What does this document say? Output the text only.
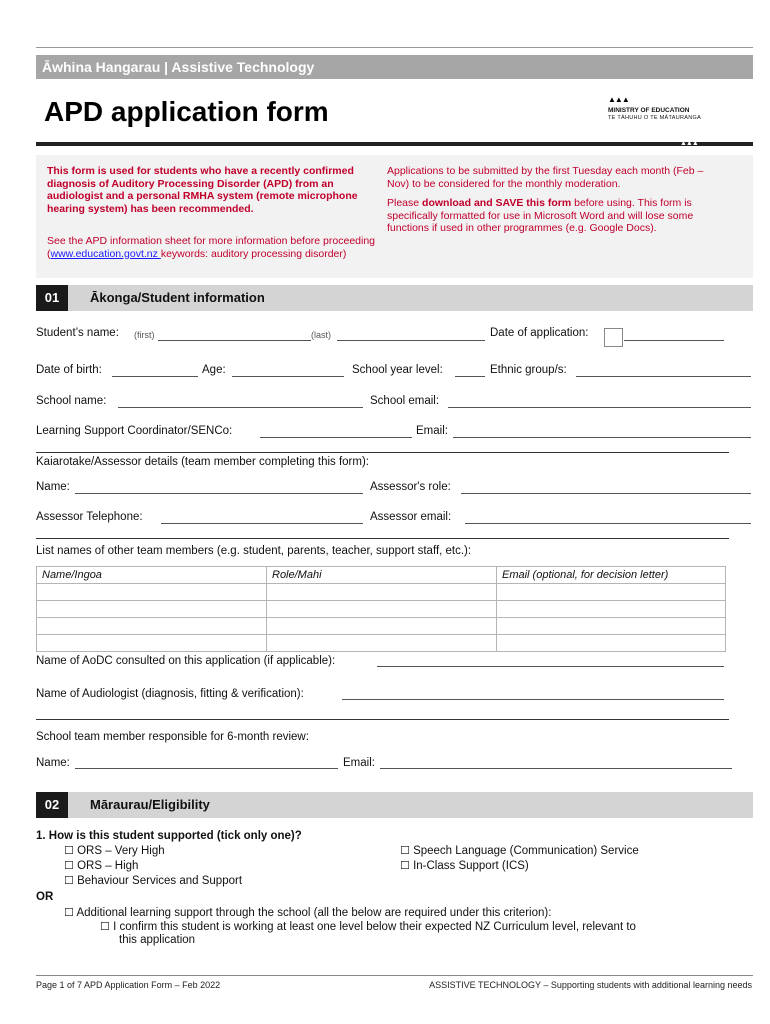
Āwhina Hangarau | Assistive Technology
APD application form	▲▲▲
MINISTRY OF EDUCATION
TE TĀHUHU O TE MĀTAURANGA
▲▲▲
This form is used for students who have a recently confirmed diagnosis of Auditory Processing Disorder (APD) from an audiologist and a personal RMHA system (remote microphone hearing system) has been recommended.
See the APD information sheet for more information before proceeding (www.education.govt.nz keywords: auditory processing disorder)
Applications to be submitted by the first Tuesday each month (Feb – Nov) to be considered for the monthly moderation.
Please download and SAVE this form before using. This form is specifically formatted for use in Microsoft Word and will lose some functions if used in other programmes (e.g. Google Docs).
01	Ākonga/Student information
Student’s name: (first)	(last)	Date of application:
Date of birth:	Age:	School year level:	Ethnic group/s:
School name:	School email:
Learning Support Coordinator/SENCo:	Email:
Kaiarotake/Assessor details (team member completing this form):
Name:	Assessor's role:
Assessor Telephone:	Assessor email:
List names of other team members (e.g. student, parents, teacher, support staff, etc.):
Name/Ingoa	Role/Mahi	Email (optional, for decision letter)

Name of AoDC consulted on this application (if applicable):
Name of Audiologist (diagnosis, fitting & verification):
School team member responsible for 6-month review:
Name:	Email:
02	Māraurau/Eligibility
1. How is this student supported (tick only one)?
☐ ORS – Very High
☐ ORS – High
☐ Behaviour Services and Support
☐ Speech Language (Communication) Service
☐ In-Class Support (ICS)
OR
☐ Additional learning support through the school (all the below are required under this criterion):
☐ I confirm this student is working at least one level below their expected NZ Curriculum level, relevant to
this application
Page 1 of 7 APD Application Form – Feb 2022	ASSISTIVE TECHNOLOGY – Supporting students with additional learning needs
